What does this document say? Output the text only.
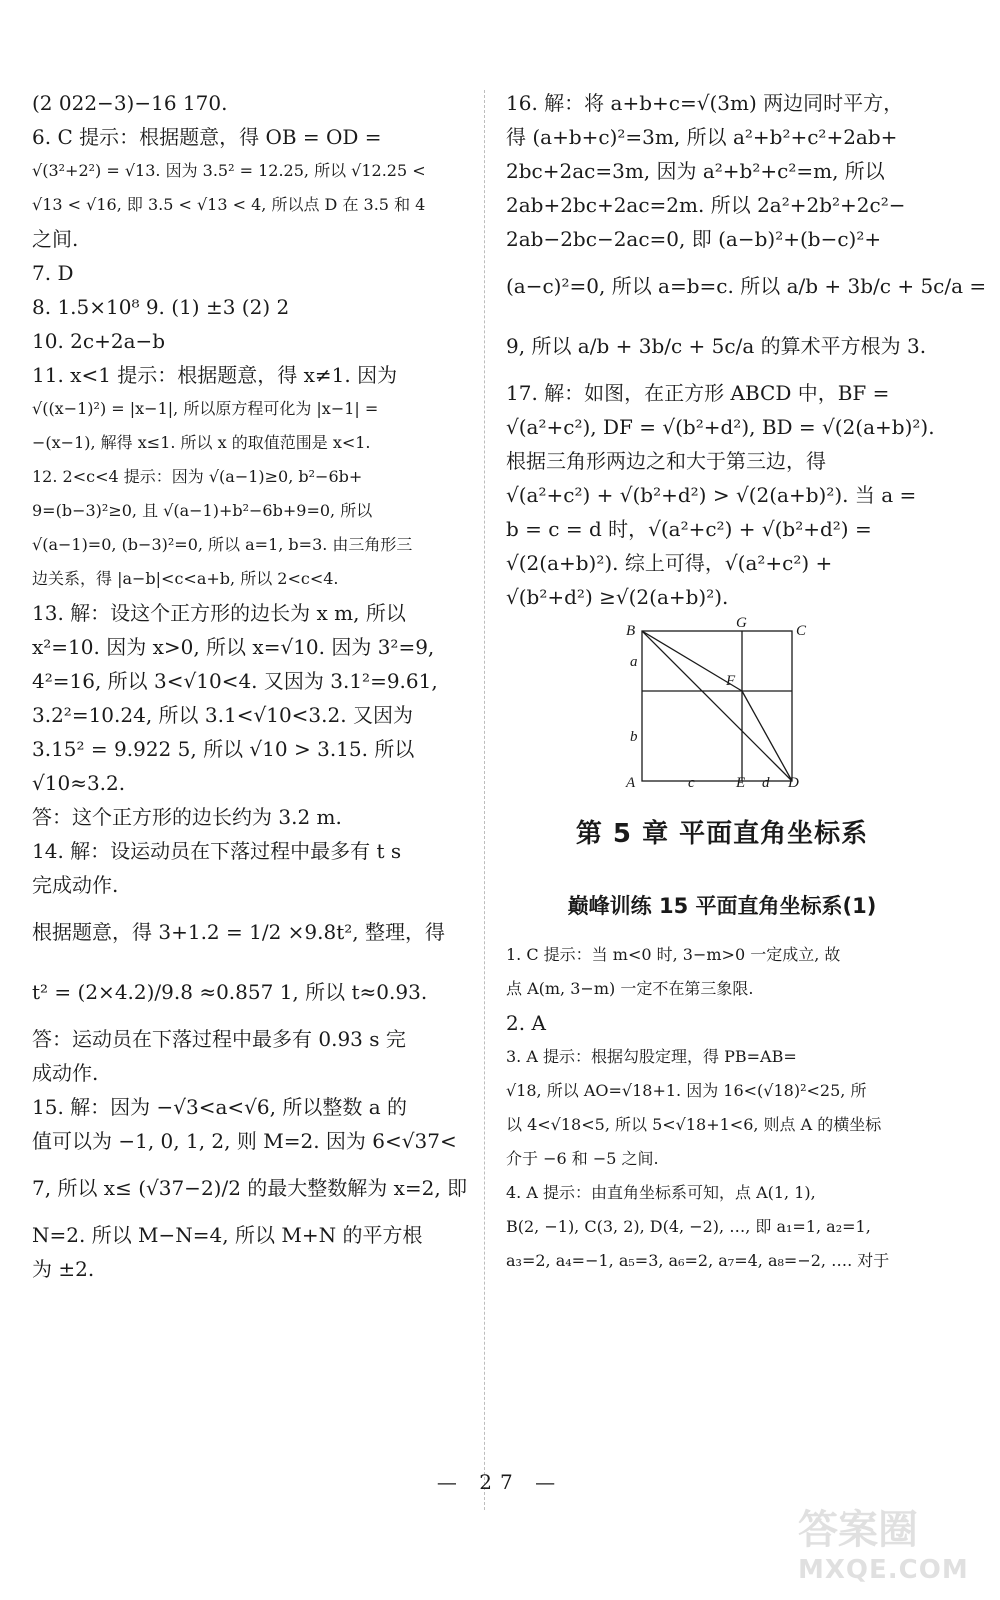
(2 022−3)−16 170.
6. C 提示：根据题意，得 OB = OD =
√(3²+2²) = √13. 因为 3.5² = 12.25, 所以 √12.25 <
√13 < √16, 即 3.5 < √13 < 4, 所以点 D 在 3.5 和 4
之间.
7. D
8. 1.5×10⁸ 9. (1) ±3 (2) 2
10. 2c+2a−b
11. x<1 提示：根据题意，得 x≠1. 因为
√((x−1)²) = |x−1|, 所以原方程可化为 |x−1| =
−(x−1), 解得 x≤1. 所以 x 的取值范围是 x<1.
12. 2<c<4 提示：因为 √(a−1)≥0, b²−6b+
9=(b−3)²≥0, 且 √(a−1)+b²−6b+9=0, 所以
√(a−1)=0, (b−3)²=0, 所以 a=1, b=3. 由三角形三
边关系，得 |a−b|<c<a+b, 所以 2<c<4.
13. 解：设这个正方形的边长为 x m, 所以
x²=10. 因为 x>0, 所以 x=√10. 因为 3²=9,
4²=16, 所以 3<√10<4. 又因为 3.1²=9.61,
3.2²=10.24, 所以 3.1<√10<3.2. 又因为
3.15² = 9.922 5, 所以 √10 > 3.15. 所以
√10≈3.2.
答：这个正方形的边长约为 3.2 m.
14. 解：设运动员在下落过程中最多有 t s
完成动作.
根据题意，得 3+1.2 = 1/2 ×9.8t², 整理，得
t² = (2×4.2)/9.8 ≈0.857 1, 所以 t≈0.93.
答：运动员在下落过程中最多有 0.93 s 完
成动作.
15. 解：因为 −√3<a<√6, 所以整数 a 的
值可以为 −1, 0, 1, 2, 则 M=2. 因为 6<√37<
7, 所以 x≤ (√37−2)/2 的最大整数解为 x=2, 即
N=2. 所以 M−N=4, 所以 M+N 的平方根
为 ±2.
16. 解：将 a+b+c=√(3m) 两边同时平方，
得 (a+b+c)²=3m, 所以 a²+b²+c²+2ab+
2bc+2ac=3m, 因为 a²+b²+c²=m, 所以
2ab+2bc+2ac=2m. 所以 2a²+2b²+2c²−
2ab−2bc−2ac=0, 即 (a−b)²+(b−c)²+
(a−c)²=0, 所以 a=b=c. 所以 a/b + 3b/c + 5c/a =
9, 所以 a/b + 3b/c + 5c/a 的算术平方根为 3.
17. 解：如图，在正方形 ABCD 中，BF =
√(a²+c²), DF = √(b²+d²), BD = √(2(a+b)²).
根据三角形两边之和大于第三边，得
√(a²+c²) + √(b²+d²) > √(2(a+b)²). 当 a =
b = c = d 时，√(a²+c²) + √(b²+d²) =
√(2(a+b)²). 综上可得，√(a²+c²) +
√(b²+d²) ≥√(2(a+b)²).
B	G	C
a
F
b
A	c	E d D
第 5 章 平面直角坐标系
巅峰训练 15 平面直角坐标系(1)
1. C 提示：当 m<0 时, 3−m>0 一定成立, 故
点 A(m, 3−m) 一定不在第三象限.
2. A
3. A 提示：根据勾股定理，得 PB=AB=
√18, 所以 AO=√18+1. 因为 16<(√18)²<25, 所
以 4<√18<5, 所以 5<√18+1<6, 则点 A 的横坐标
介于 −6 和 −5 之间.
4. A 提示：由直角坐标系可知，点 A(1, 1),
B(2, −1), C(3, 2), D(4, −2), …, 即 a₁=1, a₂=1,
a₃=2, a₄=−1, a₅=3, a₆=2, a₇=4, a₈=−2, …. 对于
— 27 —
答案圈
MXQE.COM
